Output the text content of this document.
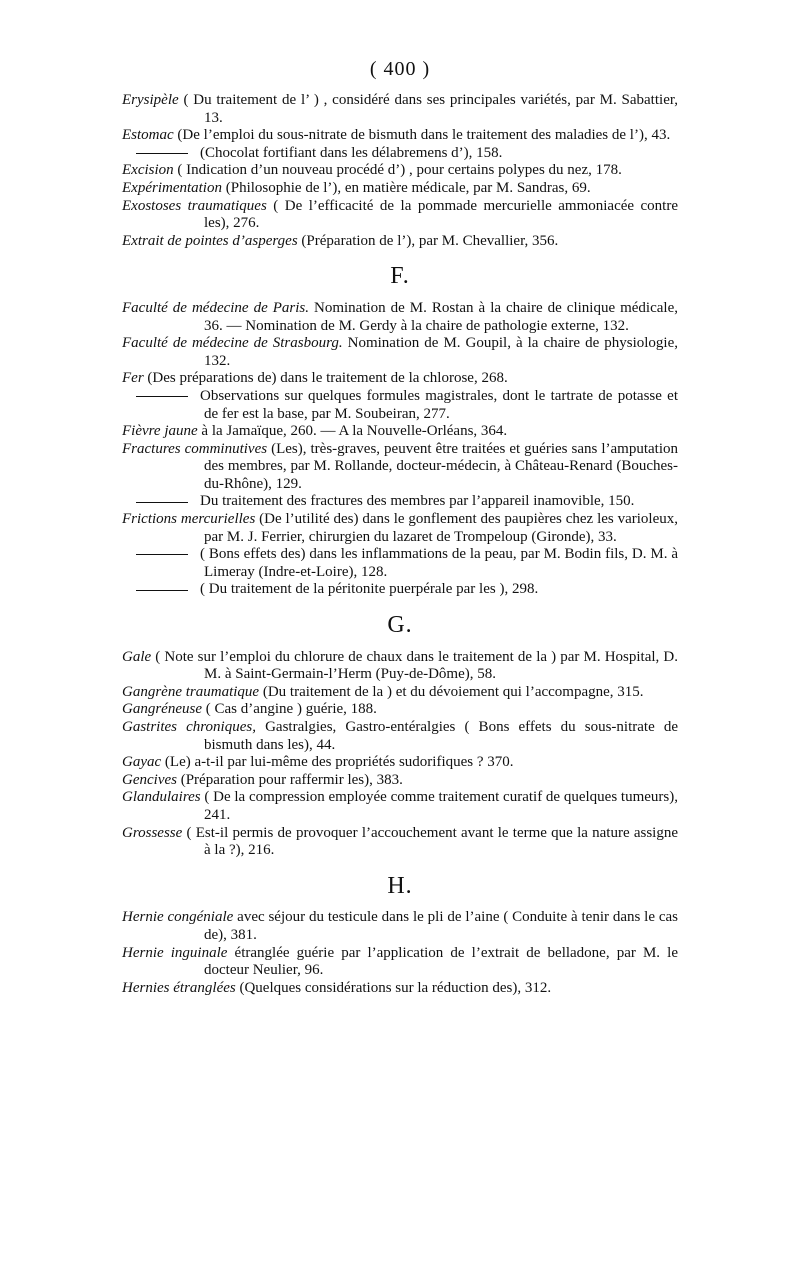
( 400 )
Erysipèle ( Du traitement de l’ ) , considéré dans ses principales variétés, par M. Sabattier, 13.
Estomac (De l’emploi du sous-nitrate de bismuth dans le traitement des maladies de l’), 43.
(Chocolat fortifiant dans les délabremens d’), 158.
Excision ( Indication d’un nouveau procédé d’) , pour certains polypes du nez, 178.
Expérimentation (Philosophie de l’), en matière médicale, par M. Sandras, 69.
Exostoses traumatiques ( De l’efficacité de la pommade mercurielle ammoniacée contre les), 276.
Extrait de pointes d’asperges (Préparation de l’), par M. Chevallier, 356.
F.
Faculté de médecine de Paris. Nomination de M. Rostan à la chaire de clinique médicale, 36. — Nomination de M. Gerdy à la chaire de pathologie externe, 132.
Faculté de médecine de Strasbourg. Nomination de M. Goupil, à la chaire de physiologie, 132.
Fer (Des préparations de) dans le traitement de la chlorose, 268.
Observations sur quelques formules magistrales, dont le tartrate de potasse et de fer est la base, par M. Soubeiran, 277.
Fièvre jaune à la Jamaïque, 260. — A la Nouvelle-Orléans, 364.
Fractures comminutives (Les), très-graves, peuvent être traitées et guéries sans l’amputation des membres, par M. Rollande, docteur-médecin, à Château-Renard (Bouches-du-Rhône), 129.
Du traitement des fractures des membres par l’appareil inamovible, 150.
Frictions mercurielles (De l’utilité des) dans le gonflement des paupières chez les varioleux, par M. J. Ferrier, chirurgien du lazaret de Trompeloup (Gironde), 33.
( Bons effets des) dans les inflammations de la peau, par M. Bodin fils, D. M. à Limeray (Indre-et-Loire), 128.
( Du traitement de la péritonite puerpérale par les ), 298.
G.
Gale ( Note sur l’emploi du chlorure de chaux dans le traitement de la ) par M. Hospital, D. M. à Saint-Germain-l’Herm (Puy-de-Dôme), 58.
Gangrène traumatique (Du traitement de la ) et du dévoiement qui l’accompagne, 315.
Gangréneuse ( Cas d’angine ) guérie, 188.
Gastrites chroniques, Gastralgies, Gastro-entéralgies ( Bons effets du sous-nitrate de bismuth dans les), 44.
Gayac (Le) a-t-il par lui-même des propriétés sudorifiques ? 370.
Gencives (Préparation pour raffermir les), 383.
Glandulaires ( De la compression employée comme traitement curatif de quelques tumeurs), 241.
Grossesse ( Est-il permis de provoquer l’accouchement avant le terme que la nature assigne à la ?), 216.
H.
Hernie congéniale avec séjour du testicule dans le pli de l’aine ( Conduite à tenir dans le cas de), 381.
Hernie inguinale étranglée guérie par l’application de l’extrait de belladone, par M. le docteur Neulier, 96.
Hernies étranglées (Quelques considérations sur la réduction des), 312.
